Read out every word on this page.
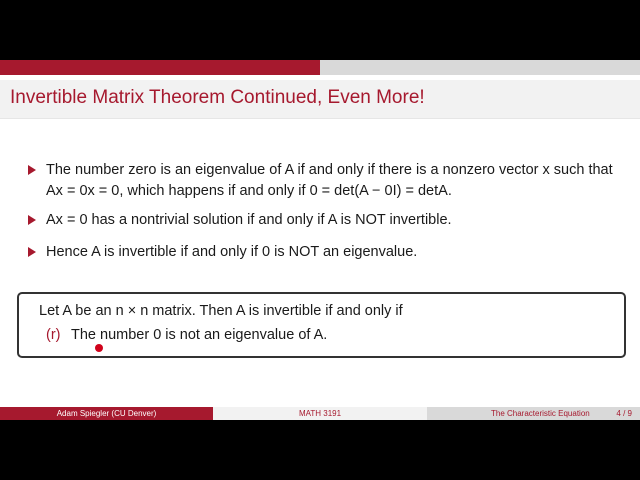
Invertible Matrix Theorem Continued, Even More!
The number zero is an eigenvalue of A if and only if there is a nonzero vector x such that
Ax = 0x = 0, which happens if and only if 0 = det(A − 0I) = detA.
Ax = 0 has a nontrivial solution if and only if A is NOT invertible.
Hence A is invertible if and only if 0 is NOT an eigenvalue.
Let A be an n × n matrix. Then A is invertible if and only if
(r) The number 0 is not an eigenvalue of A.
Adam Spiegler (CU Denver)	MATH 3191	The Characteristic Equation	4 / 9
